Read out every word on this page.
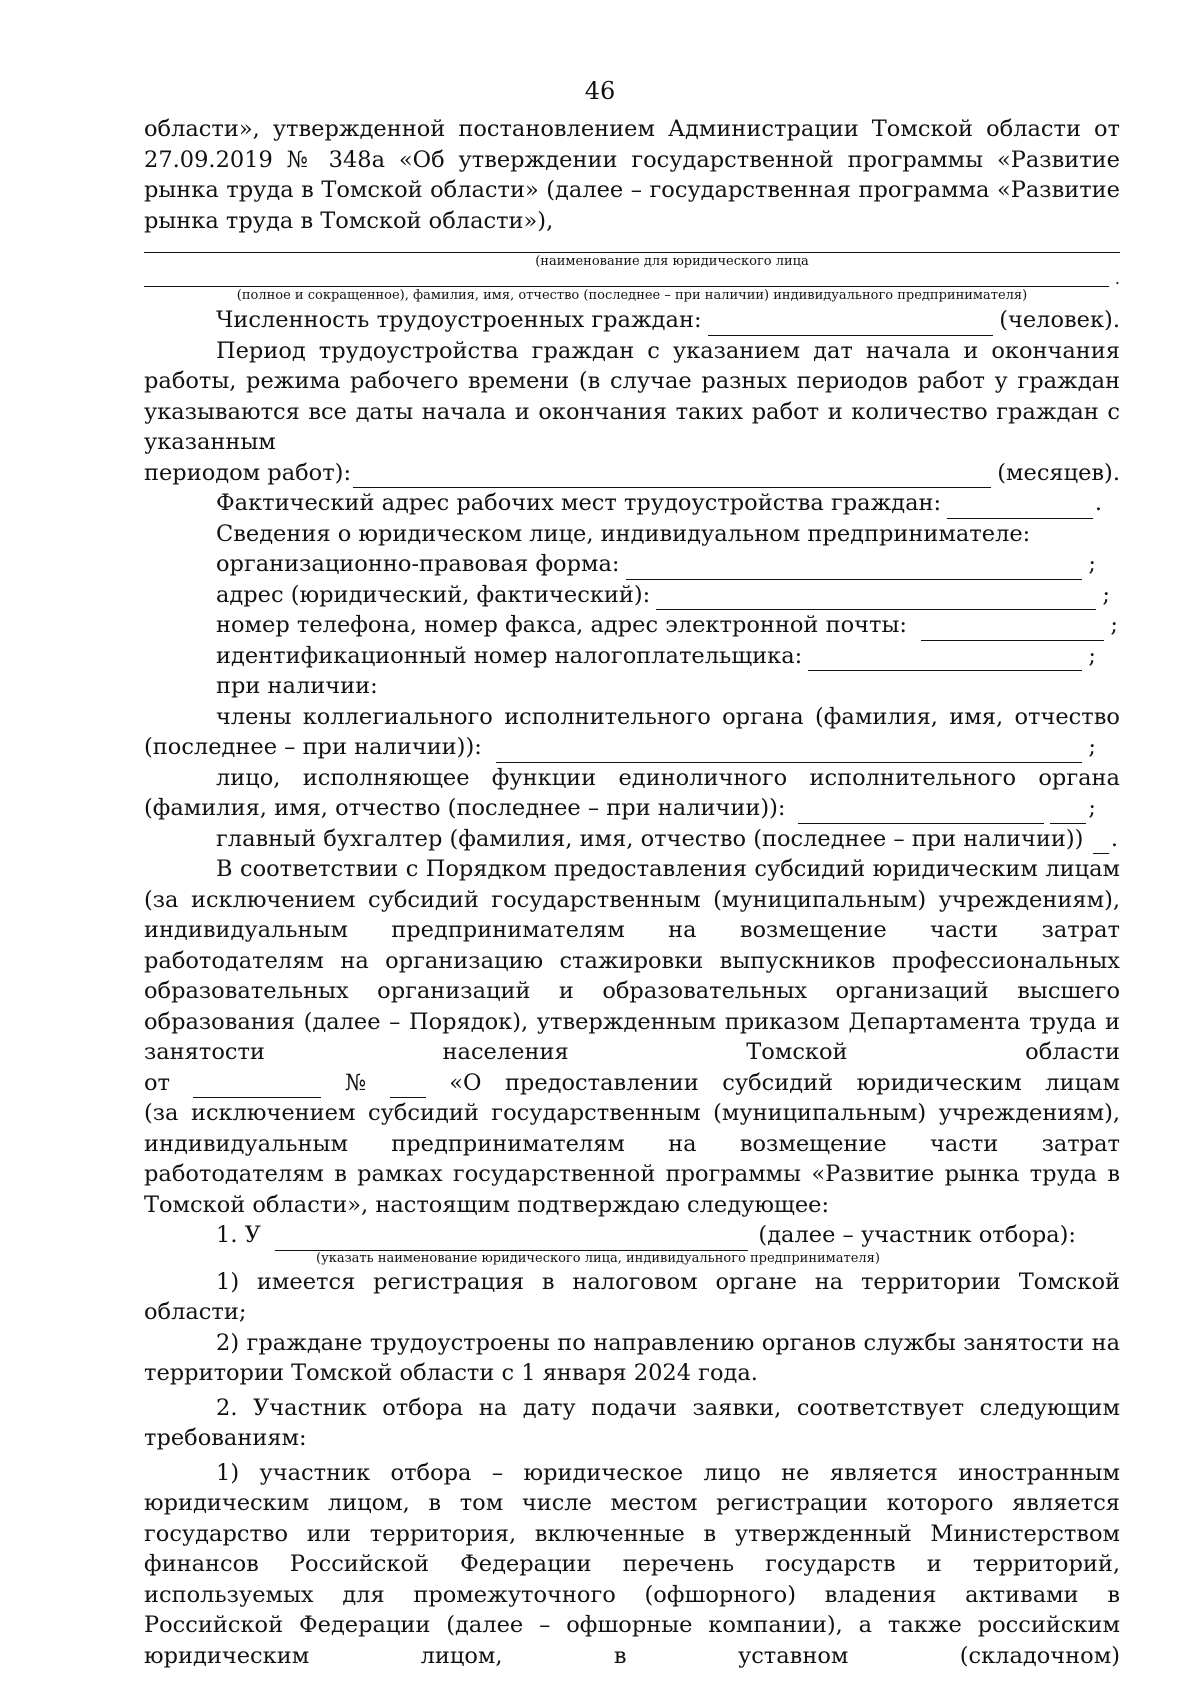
46

области», утвержденной постановлением Администрации Томской области от 27.09.2019 № 348а «Об утверждении государственной программы «Развитие рынка труда в Томской области» (далее – государственная программа «Развитие рынка труда в Томской области»),

(наименование для юридического лица
.
(полное и сокращенное), фамилия, имя, отчество (последнее – при наличии) индивидуального предпринимателя)
Численность трудоустроенных граждан:	(человек).

Период трудоустройства граждан с указанием дат начала и окончания работы, режима рабочего времени (в случае разных периодов работ у граждан указываются все даты начала и окончания таких работ и количество граждан с указанным

периодом работ):	(месяцев).
Фактический адрес рабочих мест трудоустройства граждан:	.
Сведения о юридическом лице, индивидуальном предпринимателе:
организационно-правовая форма:	;
адрес (юридический, фактический):	;
номер телефона, номер факса, адрес электронной почты:	;
идентификационный номер налогоплательщика:	;
при наличии:
члены коллегиального исполнительного органа (фамилия, имя, отчество
(последнее – при наличии)):	;
лицо, исполняющее функции единоличного исполнительного органа
(фамилия, имя, отчество (последнее – при наличии)):	;
главный бухгалтер (фамилия, имя, отчество (последнее – при наличии)) .

В соответствии с Порядком предоставления субсидий юридическим лицам (за исключением субсидий государственным (муниципальным) учреждениям), индивидуальным предпринимателям на возмещение части затрат работодателям на организацию стажировки выпускников профессиональных образовательных организаций и образовательных организаций высшего образования (далее – Порядок), утвержденным приказом Департамента труда и занятости населения Томской области

от	№	«О предоставлении субсидий юридическим лицам

(за исключением субсидий государственным (муниципальным) учреждениям), индивидуальным предпринимателям на возмещение части затрат работодателям в рамках государственной программы «Развитие рынка труда в Томской области», настоящим подтверждаю следующее:

1. У	(далее – участник отбора):
(указать наименование юридического лица, индивидуального предпринимателя)

1) имеется регистрация в налоговом органе на территории Томской области;

2) граждане трудоустроены по направлению органов службы занятости на территории Томской области с 1 января 2024 года.

2. Участник отбора на дату подачи заявки, соответствует следующим требованиям:

1) участник отбора – юридическое лицо не является иностранным юридическим лицом, в том числе местом регистрации которого является государство или территория, включенные в утвержденный Министерством финансов Российской Федерации перечень государств и территорий, используемых для промежуточного (офшорного) владения активами в Российской Федерации (далее – офшорные компании), а также российским юридическим лицом, в уставном (складочном)
